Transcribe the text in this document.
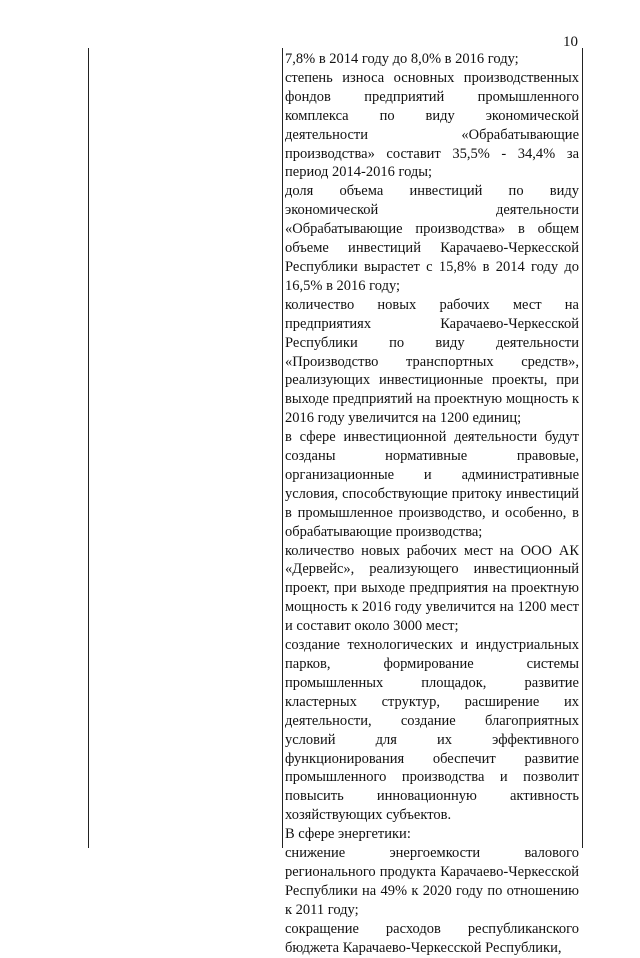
10

7,8% в 2014 году до 8,0% в 2016 году;

степень износа основных производственных фондов предприятий промышленного комплекса по виду экономической деятельности «Обрабатывающие производства» составит 35,5% - 34,4% за период 2014-2016 годы;

доля объема инвестиций по виду экономической деятельности «Обрабатывающие производства» в общем объеме инвестиций Карачаево-Черкесской Республики вырастет с 15,8% в 2014 году до 16,5% в 2016 году;

количество новых рабочих мест на предприятиях Карачаево-Черкесской Республики по виду деятельности «Производство транспортных средств», реализующих инвестиционные проекты, при выходе предприятий на проектную мощность к 2016 году увеличится на 1200 единиц;

в сфере инвестиционной деятельности будут созданы нормативные правовые, организационные и административные условия, способствующие притоку инвестиций в промышленное производство, и особенно, в обрабатывающие производства;

количество новых рабочих мест на ООО АК «Дервейс», реализующего инвестиционный проект, при выходе предприятия на проектную мощность к 2016 году увеличится на 1200 мест и составит около 3000 мест;

создание технологических и индустриальных парков, формирование системы промышленных площадок, развитие кластерных структур, расширение их деятельности, создание благоприятных условий для их эффективного функционирования обеспечит развитие промышленного производства и позволит повысить инновационную активность хозяйствующих субъектов.

В сфере энергетики:

снижение энергоемкости валового регионального продукта Карачаево-Черкесской Республики на 49% к 2020 году по отношению к 2011 году;

сокращение расходов республиканского бюджета Карачаево-Черкесской Республики,
